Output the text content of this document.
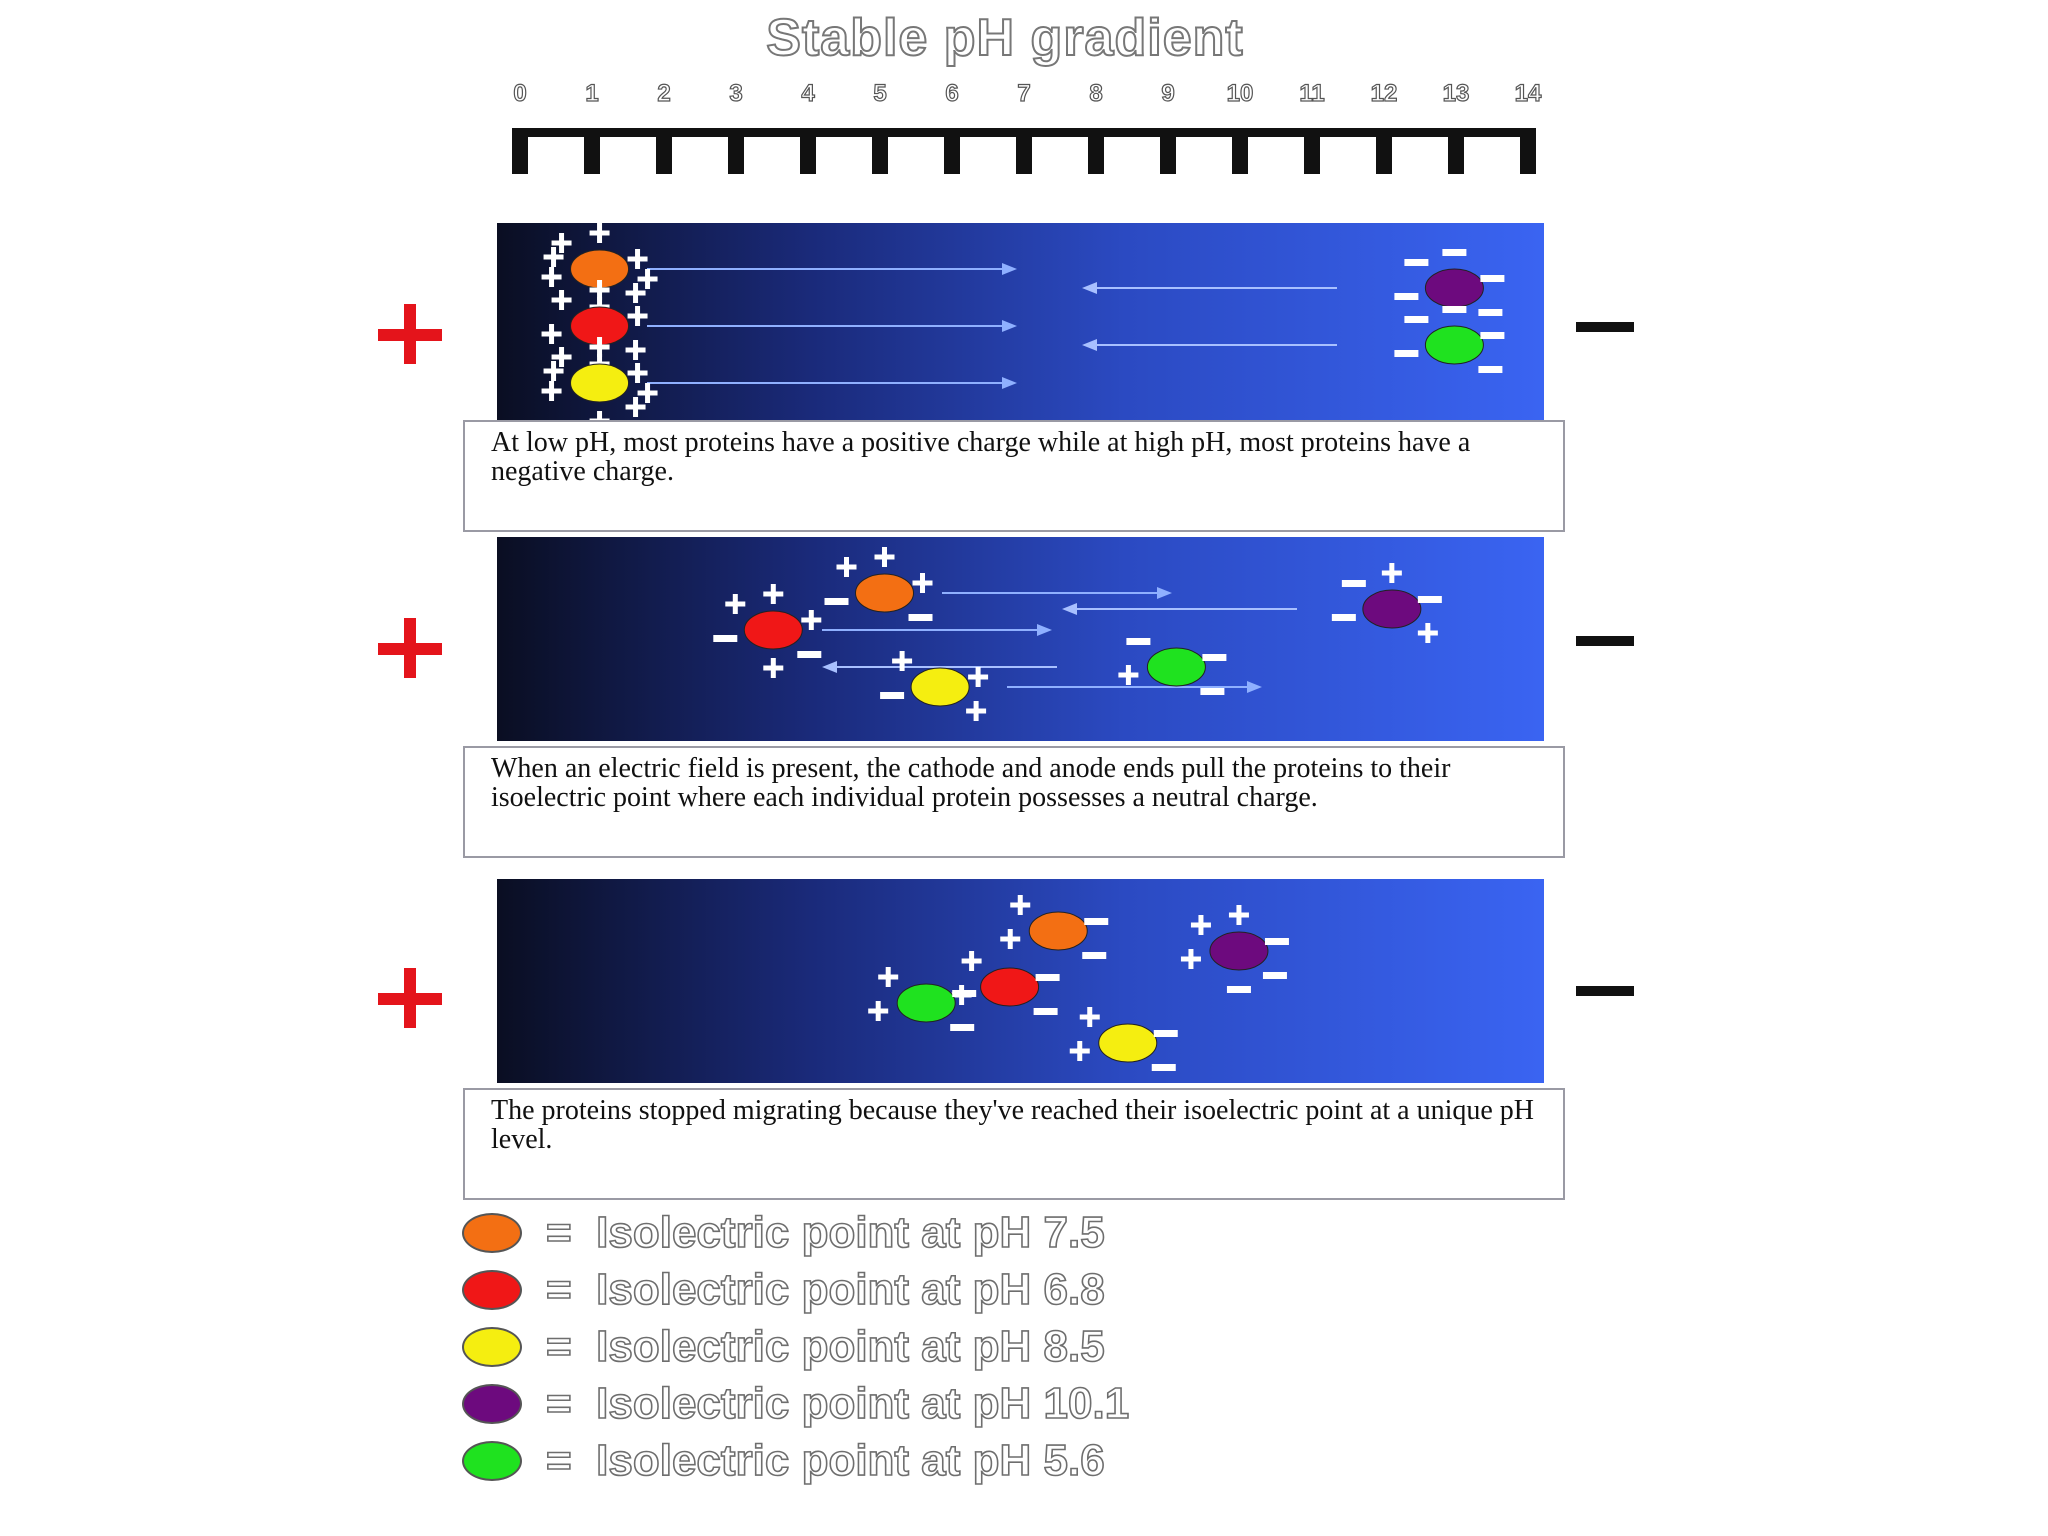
Stable pH gradient
0 1 2 3 4 5 6 7 8 9 10 11 12 13 14
At low pH, most proteins have a positive charge while at high pH, most proteins have a negative charge.
When an electric field is present, the cathode and anode ends pull the proteins to their isoelectric point where each individual protein possesses a neutral charge.
The proteins stopped migrating because they've reached their isoelectric point at a unique pH level.
=  Isolectric point at pH 7.5
=  Isolectric point at pH 6.8
=  Isolectric point at pH 8.5
=  Isolectric point at pH 10.1
=  Isolectric point at pH 5.6
